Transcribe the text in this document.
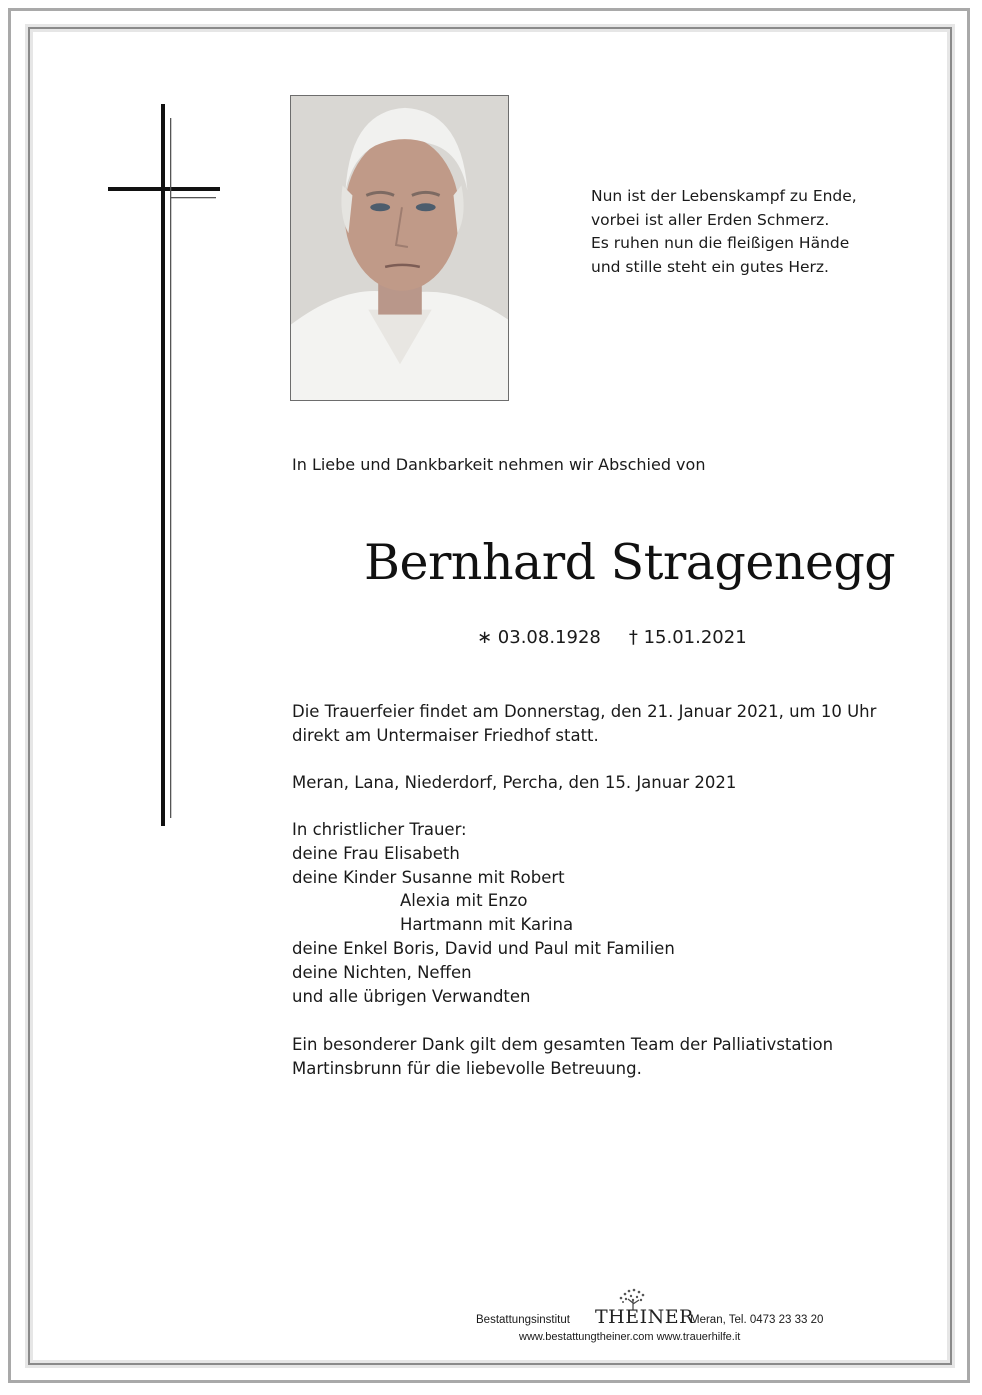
Nun ist der Lebenskampf zu Ende,
vorbei ist aller Erden Schmerz.
Es ruhen nun die fleißigen Hände
und stille steht ein gutes Herz.
In Liebe und Dankbarkeit nehmen wir Abschied von
Bernhard Stragenegg
∗ 03.08.1928 † 15.01.2021
Die Trauerfeier findet am Donnerstag, den 21. Januar 2021, um 10 Uhr
direkt am Untermaiser Friedhof statt.
Meran, Lana, Niederdorf, Percha, den 15. Januar 2021
In christlicher Trauer:
deine Frau Elisabeth
deine Kinder Susanne mit Robert
Alexia mit Enzo
Hartmann mit Karina
deine Enkel Boris, David und Paul mit Familien
deine Nichten, Neffen
und alle übrigen Verwandten
Ein besonderer Dank gilt dem gesamten Team der Palliativstation
Martinsbrunn für die liebevolle Betreuung.
Bestattungsinstitut THEINER
Meran, Tel. 0473 23 33 20
www.bestattungtheiner.com www.trauerhilfe.it
